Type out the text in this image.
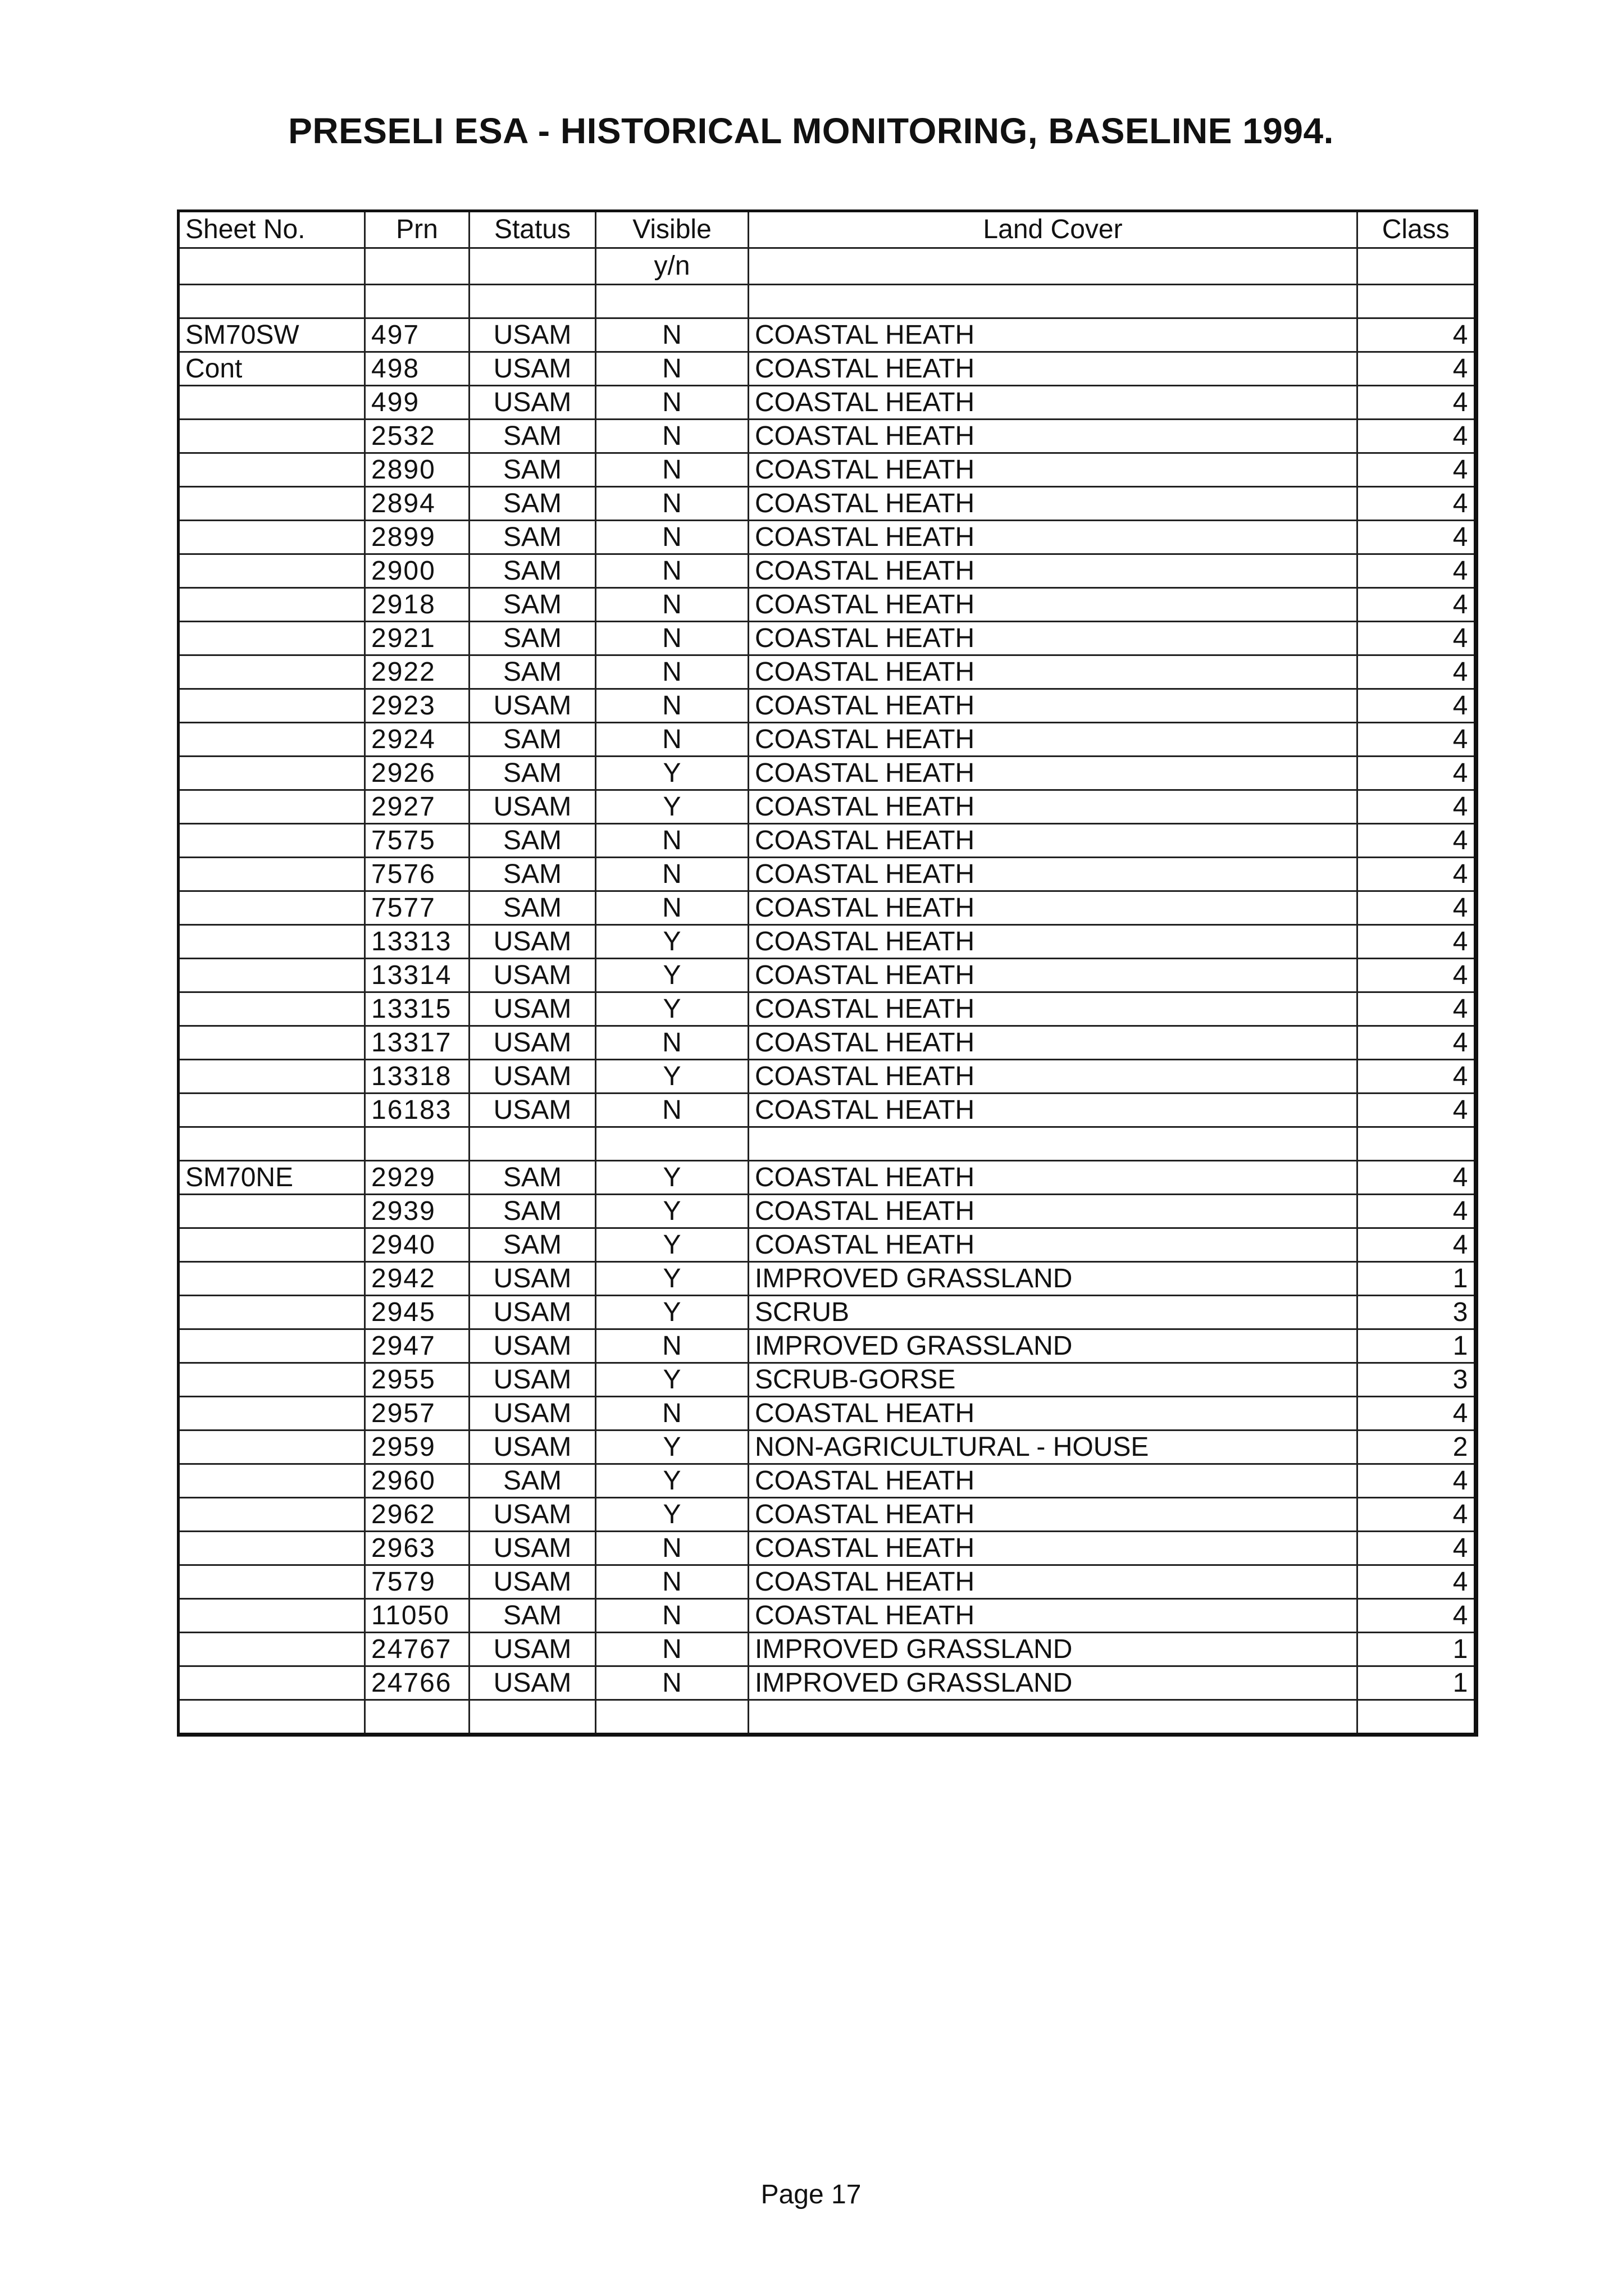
PRESELI ESA - HISTORICAL MONITORING, BASELINE 1994.
Sheet No.	Prn	Status	Visible	Land Cover	Class
			y/n		

SM70SW	497	USAM	N	COASTAL HEATH	4
Cont	498	USAM	N	COASTAL HEATH	4
	499	USAM	N	COASTAL HEATH	4
	2532	SAM	N	COASTAL HEATH	4
	2890	SAM	N	COASTAL HEATH	4
	2894	SAM	N	COASTAL HEATH	4
	2899	SAM	N	COASTAL HEATH	4
	2900	SAM	N	COASTAL HEATH	4
	2918	SAM	N	COASTAL HEATH	4
	2921	SAM	N	COASTAL HEATH	4
	2922	SAM	N	COASTAL HEATH	4
	2923	USAM	N	COASTAL HEATH	4
	2924	SAM	N	COASTAL HEATH	4
	2926	SAM	Y	COASTAL HEATH	4
	2927	USAM	Y	COASTAL HEATH	4
	7575	SAM	N	COASTAL HEATH	4
	7576	SAM	N	COASTAL HEATH	4
	7577	SAM	N	COASTAL HEATH	4
	13313	USAM	Y	COASTAL HEATH	4
	13314	USAM	Y	COASTAL HEATH	4
	13315	USAM	Y	COASTAL HEATH	4
	13317	USAM	N	COASTAL HEATH	4
	13318	USAM	Y	COASTAL HEATH	4
	16183	USAM	N	COASTAL HEATH	4

SM70NE	2929	SAM	Y	COASTAL HEATH	4
	2939	SAM	Y	COASTAL HEATH	4
	2940	SAM	Y	COASTAL HEATH	4
	2942	USAM	Y	IMPROVED GRASSLAND	1
	2945	USAM	Y	SCRUB	3
	2947	USAM	N	IMPROVED GRASSLAND	1
	2955	USAM	Y	SCRUB-GORSE	3
	2957	USAM	N	COASTAL HEATH	4
	2959	USAM	Y	NON-AGRICULTURAL - HOUSE	2
	2960	SAM	Y	COASTAL HEATH	4
	2962	USAM	Y	COASTAL HEATH	4
	2963	USAM	N	COASTAL HEATH	4
	7579	USAM	N	COASTAL HEATH	4
	11050	SAM	N	COASTAL HEATH	4
	24767	USAM	N	IMPROVED GRASSLAND	1
	24766	USAM	N	IMPROVED GRASSLAND	1

Page 17
